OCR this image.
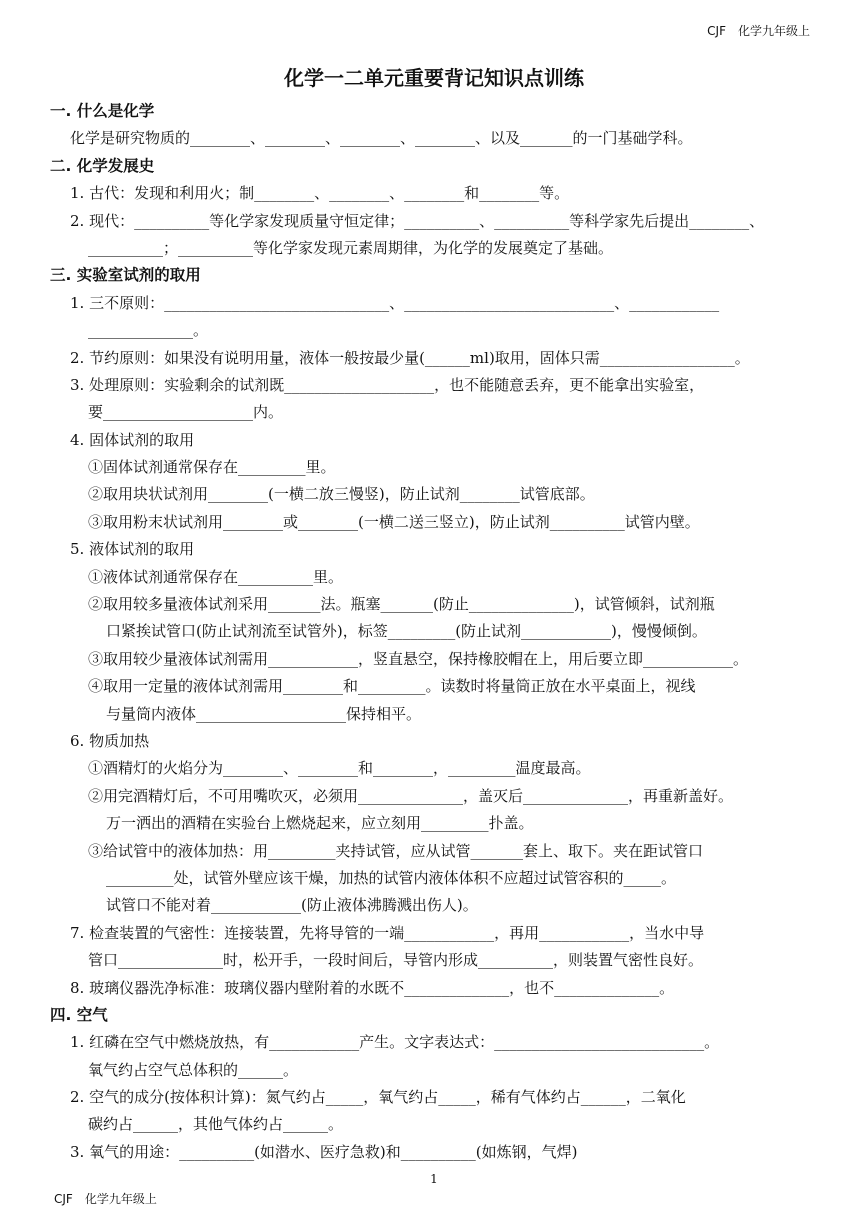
CJF 化学九年级上
化学一二单元重要背记知识点训练
一. 什么是化学
化学是研究物质的________、________、________、________、以及_______的一门基础学科。
二. 化学发展史
1. 古代：发现和利用火；制________、________、________和________等。
2. 现代：__________等化学家发现质量守恒定律；__________、__________等科学家先后提出________、
__________；__________等化学家发现元素周期律，为化学的发展奠定了基础。
三. 实验室试剂的取用
1. 三不原则：______________________________、____________________________、____________
______________。
2. 节约原则：如果没有说明用量，液体一般按最少量(______ml)取用，固体只需__________________。
3. 处理原则：实验剩余的试剂既____________________，也不能随意丢弃，更不能拿出实验室，
要____________________内。
4. 固体试剂的取用
①固体试剂通常保存在_________里。
②取用块状试剂用________(一横二放三慢竖)，防止试剂________试管底部。
③取用粉末状试剂用________或________(一横二送三竖立)，防止试剂__________试管内壁。
5. 液体试剂的取用
①液体试剂通常保存在__________里。
②取用较多量液体试剂采用_______法。瓶塞_______(防止______________)，试管倾斜，试剂瓶
口紧挨试管口(防止试剂流至试管外)，标签_________(防止试剂____________)，慢慢倾倒。
③取用较少量液体试剂需用____________，竖直悬空，保持橡胶帽在上，用后要立即____________。
④取用一定量的液体试剂需用________和_________。读数时将量筒正放在水平桌面上，视线
与量筒内液体____________________保持相平。
6. 物质加热
①酒精灯的火焰分为________、________和________，_________温度最高。
②用完酒精灯后，不可用嘴吹灭，必须用______________，盖灭后______________，再重新盖好。
万一洒出的酒精在实验台上燃烧起来，应立刻用_________扑盖。
③给试管中的液体加热：用_________夹持试管，应从试管_______套上、取下。夹在距试管口
_________处，试管外壁应该干燥，加热的试管内液体体积不应超过试管容积的_____。
试管口不能对着____________(防止液体沸腾溅出伤人)。
7. 检查装置的气密性：连接装置，先将导管的一端____________，再用____________，当水中导
管口______________时，松开手，一段时间后，导管内形成__________，则装置气密性良好。
8. 玻璃仪器洗净标准：玻璃仪器内壁附着的水既不______________，也不______________。
四. 空气
1. 红磷在空气中燃烧放热，有____________产生。文字表达式：____________________________。
氧气约占空气总体积的______。
2. 空气的成分(按体积计算)：氮气约占_____，氧气约占_____，稀有气体约占______，二氧化
碳约占______，其他气体约占______。
3. 氧气的用途：__________(如潜水、医疗急救)和__________(如炼钢，气焊)
1
CJF 化学九年级上
